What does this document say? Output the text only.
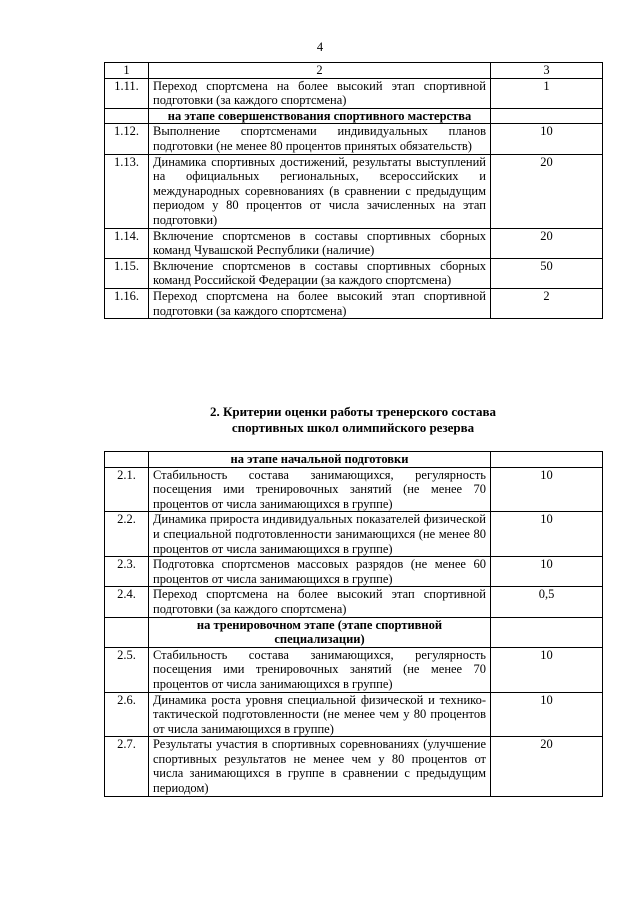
4
1	2	3
1.11.	Переход спортсмена на более высокий этап спортивной подготовки (за каждого спортсмена)	1
	на этапе совершенствования спортивного мастерства	
1.12.	Выполнение спортсменами индивидуальных планов подготовки (не менее 80 процентов принятых обязательств)	10
1.13.	Динамика спортивных достижений, результаты выступлений на официальных региональных, всероссийских и международных соревнованиях (в сравнении с предыдущим периодом у 80 процентов от числа зачисленных на этап подготовки)	20
1.14.	Включение спортсменов в составы спортивных сборных команд Чувашской Республики (наличие)	20
1.15.	Включение спортсменов в составы спортивных сборных команд Российской Федерации (за каждого спортсмена)	50
1.16.	Переход спортсмена на более высокий этап спортивной подготовки (за каждого спортсмена)	2
2. Критерии оценки работы тренерского состава
спортивных школ олимпийского резерва
	на этапе начальной подготовки	
2.1.	Стабильность состава занимающихся, регулярность посещения ими тренировочных занятий (не менее 70 процентов от числа занимающихся в группе)	10
2.2.	Динамика прироста индивидуальных показателей физической и специальной подготовленности занимающихся (не менее 80 процентов от числа занимающихся в группе)	10
2.3.	Подготовка спортсменов массовых разрядов (не менее 60 процентов от числа занимающихся в группе)	10
2.4.	Переход спортсмена на более высокий этап спортивной подготовки (за каждого спортсмена)	0,5
	на тренировочном этапе (этапе спортивной специализации)	
2.5.	Стабильность состава занимающихся, регулярность посещения ими тренировочных занятий (не менее 70 процентов от числа занимающихся в группе)	10
2.6.	Динамика роста уровня специальной физической и технико-тактической подготовленности (не менее чем у 80 процентов от числа занимающихся в группе)	10
2.7.	Результаты участия в спортивных соревнованиях (улучшение спортивных результатов не менее чем у 80 процентов от числа занимающихся в группе в сравнении с предыдущим периодом)	20
